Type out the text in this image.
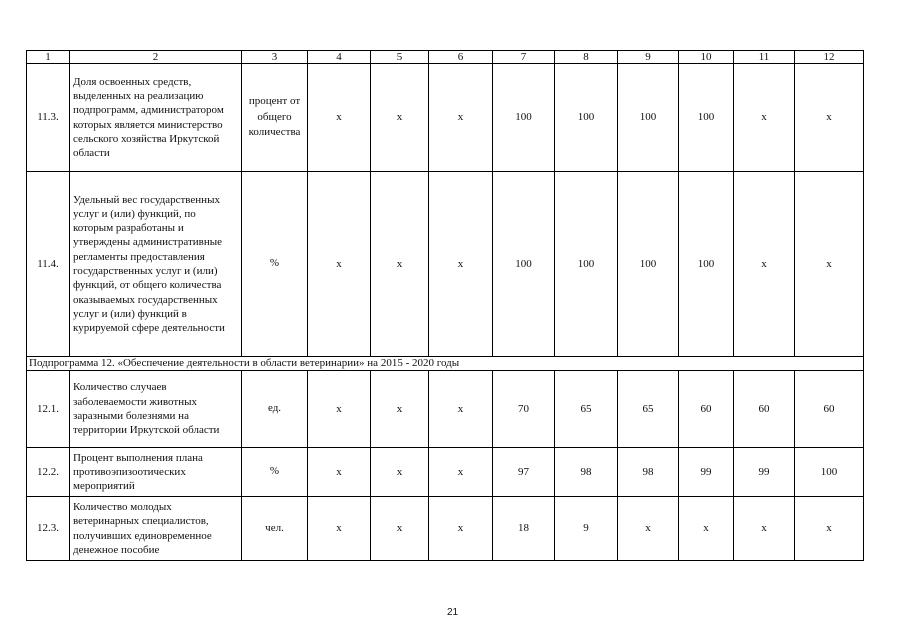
1	2	3	4	5	6	7	8	9	10	11	12
11.3.	Доля освоенных средств, выделенных на реализацию подпрограмм, администратором которых является министерство сельского хозяйства Иркутской области	процент от общего количества	х	х	х	100	100	100	100	х	х
11.4.	Удельный вес государственных услуг и (или) функций, по которым разработаны и утверждены административные регламенты предоставления государственных услуг и (или) функций, от общего количества оказываемых государственных услуг и (или) функций в курируемой сфере деятельности	%	х	х	х	100	100	100	100	х	х
Подпрограмма 12. «Обеспечение деятельности в области ветеринарии» на 2015 - 2020 годы											
12.1.	Количество случаев заболеваемости животных заразными болезнями на территории Иркутской области	ед.	х	х	х	70	65	65	60	60	60
12.2.	Процент выполнения плана противоэпизоотических мероприятий	%	х	х	х	97	98	98	99	99	100
12.3.	Количество молодых ветеринарных специалистов, получивших единовременное денежное пособие	чел.	х	х	х	18	9	х	х	х	х
21
